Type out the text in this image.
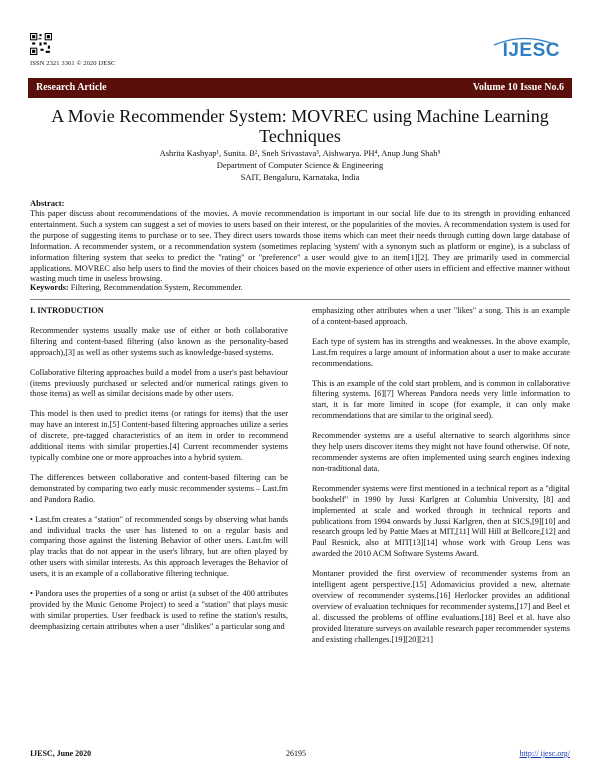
ISSN 2321 3361 © 2020 IJESC
IJESC
Research Article	Volume 10 Issue No.6
A Movie Recommender System: MOVREC using Machine Learning Techniques
Ashrita Kashyap¹, Sunita. B², Sneh Srivastava³, Aishwarya. PH⁴, Anup Jung Shah⁵
Department of Computer Science & Engineering
SAIT, Bengaluru, Karnataka, India
Abstract:
This paper discuss about recommendations of the movies. A movie recommendation is important in our social life due to its strength in providing enhanced entertainment. Such a system can suggest a set of movies to users based on their interest, or the popularities of the movies. A recommendation system is used for the purpose of suggesting items to purchase or to see. They direct users towards those items which can meet their needs through cutting down large database of Information. A recommender system, or a recommendation system (sometimes replacing 'system' with a synonym such as platform or engine), is a subclass of information filtering system that seeks to predict the "rating" or "preference" a user would give to an item[1][2]. They are primarily used in commercial applications. MOVREC also help users to find the movies of their choices based on the movie experience of other users in efficient and effective manner without wasting much time in useless browsing.
Keywords: Filtering, Recommendation System, Recommender.

I. INTRODUCTION

Recommender systems usually make use of either or both collaborative filtering and content-based filtering (also known as the personality-based approach),[3] as well as other systems such as knowledge-based systems.

Collaborative filtering approaches build a model from a user's past behaviour (items previously purchased or selected and/or numerical ratings given to those items) as well as similar decisions made by other users.

This model is then used to predict items (or ratings for items) that the user may have an interest in.[5] Content-based filtering approaches utilize a series of discrete, pre-tagged characteristics of an item in order to recommend additional items with similar properties.[4] Current recommender systems typically combine one or more approaches into a hybrid system.

The differences between collaborative and content-based filtering can be demonstrated by comparing two early music recommender systems – Last.fm and Pandora Radio.

• Last.fm creates a "station" of recommended songs by observing what bands and individual tracks the user has listened to on a regular basis and comparing those against the listening Behavior of other users. Last.fm will play tracks that do not appear in the user's library, but are often played by other users with similar interests. As this approach leverages the Behavior of users, it is an example of a collaborative filtering technique.

• Pandora uses the properties of a song or artist (a subset of the 400 attributes provided by the Music Genome Project) to seed a "station" that plays music with similar properties. User feedback is used to refine the station's results, deemphasizing certain attributes when a user "dislikes" a particular song and

emphasizing other attributes when a user "likes" a song. This is an example of a content-based approach.

Each type of system has its strengths and weaknesses. In the above example, Last.fm requires a large amount of information about a user to make accurate recommendations.

This is an example of the cold start problem, and is common in collaborative filtering systems. [6][7] Whereas Pandora needs very little information to start, it is far more limited in scope (for example, it can only make recommendations that are similar to the original seed).

Recommender systems are a useful alternative to search algorithms since they help users discover items they might not have found otherwise. Of note, recommender systems are often implemented using search engines indexing non-traditional data.

Recommender systems were first mentioned in a technical report as a "digital bookshelf" in 1990 by Jussi Karlgren at Columbia University, [8] and implemented at scale and worked through in technical reports and publications from 1994 onwards by Jussi Karlgren, then at SICS,[9][10] and research groups led by Pattie Maes at MIT,[11] Will Hill at Bellcore,[12] and Paul Resnick, also at MIT[13][14] whose work with Group Lens was awarded the 2010 ACM Software Systems Award.

Montaner provided the first overview of recommender systems from an intelligent agent perspective.[15] Adomavicius provided a new, alternate overview of recommender systems.[16] Herlocker provides an additional overview of evaluation techniques for recommender systems,[17] and Beel et al. discussed the problems of offline evaluations.[18] Beel et al. have also provided literature surveys on available research paper recommender systems and existing challenges.[19][20][21]

IJESC, June 2020	26195	http:// ijesc.org/
